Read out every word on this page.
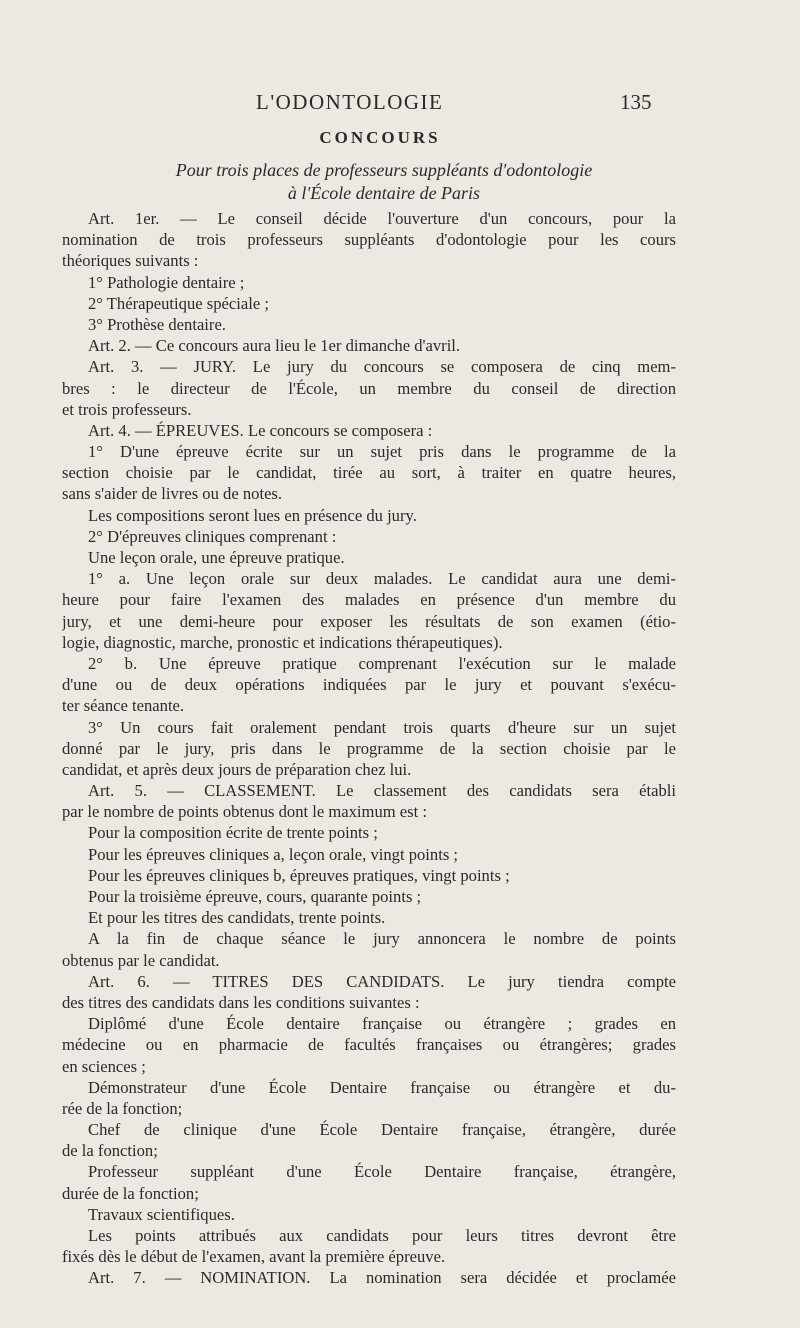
L'ODONTOLOGIE	135
CONCOURS
Pour trois places de professeurs suppléants d'odontologie
à l'École dentaire de Paris
Art. 1er. — Le conseil décide l'ouverture d'un concours, pour la
nomination de trois professeurs suppléants d'odontologie pour les cours
théoriques suivants :
1° Pathologie dentaire ;
2° Thérapeutique spéciale ;
3° Prothèse dentaire.
Art. 2. — Ce concours aura lieu le 1er dimanche d'avril.
Art. 3. — JURY. Le jury du concours se composera de cinq mem-
bres : le directeur de l'École, un membre du conseil de direction
et trois professeurs.
Art. 4. — ÉPREUVES. Le concours se composera :
1° D'une épreuve écrite sur un sujet pris dans le programme de la
section choisie par le candidat, tirée au sort, à traiter en quatre heures,
sans s'aider de livres ou de notes.
Les compositions seront lues en présence du jury.
2° D'épreuves cliniques comprenant :
Une leçon orale, une épreuve pratique.
1° a. Une leçon orale sur deux malades. Le candidat aura une demi-
heure pour faire l'examen des malades en présence d'un membre du
jury, et une demi-heure pour exposer les résultats de son examen (étio-
logie, diagnostic, marche, pronostic et indications thérapeutiques).
2° b. Une épreuve pratique comprenant l'exécution sur le malade
d'une ou de deux opérations indiquées par le jury et pouvant s'exécu-
ter séance tenante.
3° Un cours fait oralement pendant trois quarts d'heure sur un sujet
donné par le jury, pris dans le programme de la section choisie par le
candidat, et après deux jours de préparation chez lui.
Art. 5. — CLASSEMENT. Le classement des candidats sera établi
par le nombre de points obtenus dont le maximum est :
Pour la composition écrite de trente points ;
Pour les épreuves cliniques a, leçon orale, vingt points ;
Pour les épreuves cliniques b, épreuves pratiques, vingt points ;
Pour la troisième épreuve, cours, quarante points ;
Et pour les titres des candidats, trente points.
A la fin de chaque séance le jury annoncera le nombre de points
obtenus par le candidat.
Art. 6. — TITRES DES CANDIDATS. Le jury tiendra compte
des titres des candidats dans les conditions suivantes :
Diplômé d'une École dentaire française ou étrangère ; grades en
médecine ou en pharmacie de facultés françaises ou étrangères; grades
en sciences ;
Démonstrateur d'une École Dentaire française ou étrangère et du-
rée de la fonction;
Chef de clinique d'une École Dentaire française, étrangère, durée
de la fonction;
Professeur suppléant d'une École Dentaire française, étrangère,
durée de la fonction;
Travaux scientifiques.
Les points attribués aux candidats pour leurs titres devront être
fixés dès le début de l'examen, avant la première épreuve.
Art. 7. — NOMINATION. La nomination sera décidée et proclamée
